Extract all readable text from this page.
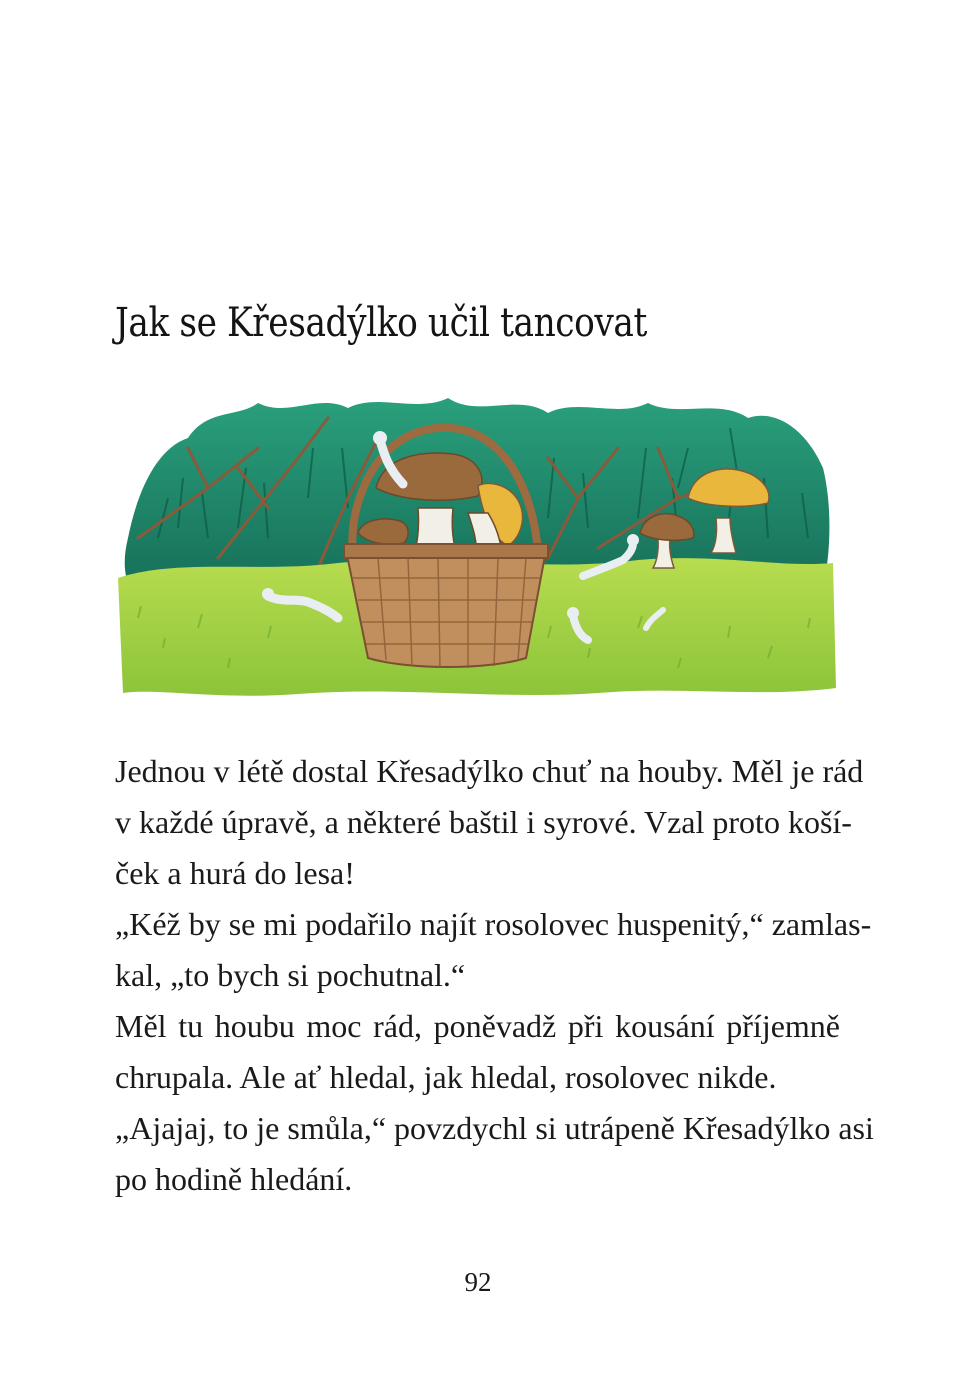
Jak se Křesadýlko učil tancovat
Jednou v létě dostal Křesadýlko chuť na houby. Měl je rád
v každé úpravě, a některé baštil i syrové. Vzal proto koší-
ček a hurá do lesa!
„Kéž by se mi podařilo najít rosolovec huspenitý,“ zamlas-
kal, „to bych si pochutnal.“
Měl tu houbu moc rád, poněvadž při kousání příjemně
chrupala. Ale ať hledal, jak hledal, rosolovec nikde.
„Ajajaj, to je smůla,“ povzdychl si utrápeně Křesadýlko asi
po hodině hledání.
92
